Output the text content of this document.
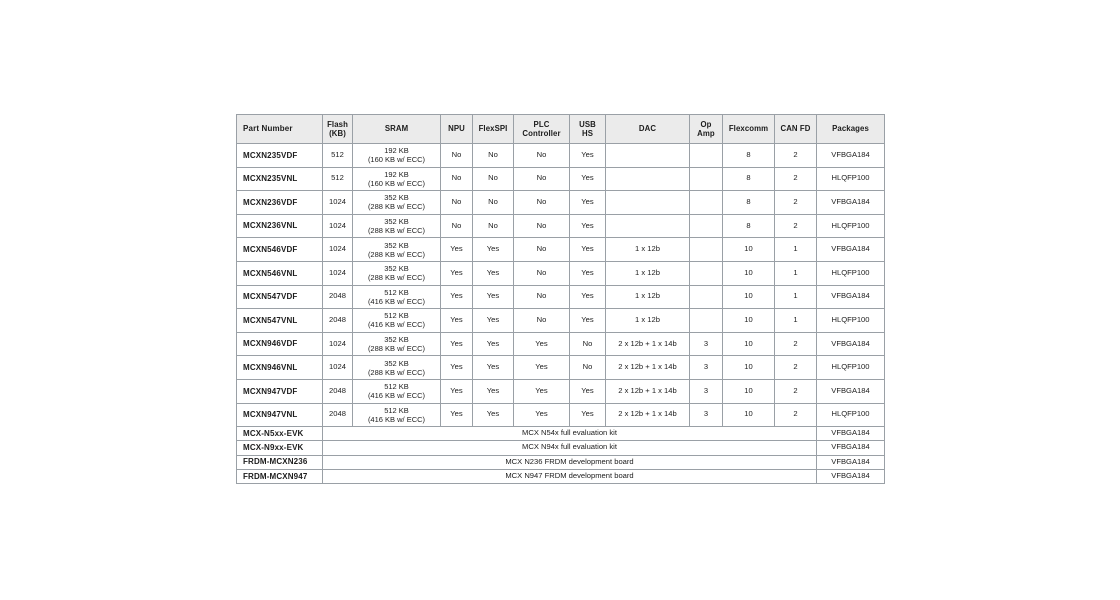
Part Number	Flash
(KB)	SRAM	NPU	FlexSPI	PLC
Controller	USB
HS	DAC	Op
Amp	Flexcomm	CAN FD	Packages
MCXN235VDF	512	192 KB
(160 KB w/ ECC)	No	No	No	Yes			8	2	VFBGA184
MCXN235VNL	512	192 KB
(160 KB w/ ECC)	No	No	No	Yes			8	2	HLQFP100
MCXN236VDF	1024	352 KB
(288 KB w/ ECC)	No	No	No	Yes			8	2	VFBGA184
MCXN236VNL	1024	352 KB
(288 KB w/ ECC)	No	No	No	Yes			8	2	HLQFP100
MCXN546VDF	1024	352 KB
(288 KB w/ ECC)	Yes	Yes	No	Yes	1 x 12b		10	1	VFBGA184
MCXN546VNL	1024	352 KB
(288 KB w/ ECC)	Yes	Yes	No	Yes	1 x 12b		10	1	HLQFP100
MCXN547VDF	2048	512 KB
(416 KB w/ ECC)	Yes	Yes	No	Yes	1 x 12b		10	1	VFBGA184
MCXN547VNL	2048	512 KB
(416 KB w/ ECC)	Yes	Yes	No	Yes	1 x 12b		10	1	HLQFP100
MCXN946VDF	1024	352 KB
(288 KB w/ ECC)	Yes	Yes	Yes	No	2 x 12b + 1 x 14b	3	10	2	VFBGA184
MCXN946VNL	1024	352 KB
(288 KB w/ ECC)	Yes	Yes	Yes	No	2 x 12b + 1 x 14b	3	10	2	HLQFP100
MCXN947VDF	2048	512 KB
(416 KB w/ ECC)	Yes	Yes	Yes	Yes	2 x 12b + 1 x 14b	3	10	2	VFBGA184
MCXN947VNL	2048	512 KB
(416 KB w/ ECC)	Yes	Yes	Yes	Yes	2 x 12b + 1 x 14b	3	10	2	HLQFP100
MCX-N5xx-EVK	MCX N54x full evaluation kit										VFBGA184
MCX-N9xx-EVK	MCX N94x full evaluation kit										VFBGA184
FRDM-MCXN236	MCX N236 FRDM development board										VFBGA184
FRDM-MCXN947	MCX N947 FRDM development board										VFBGA184
